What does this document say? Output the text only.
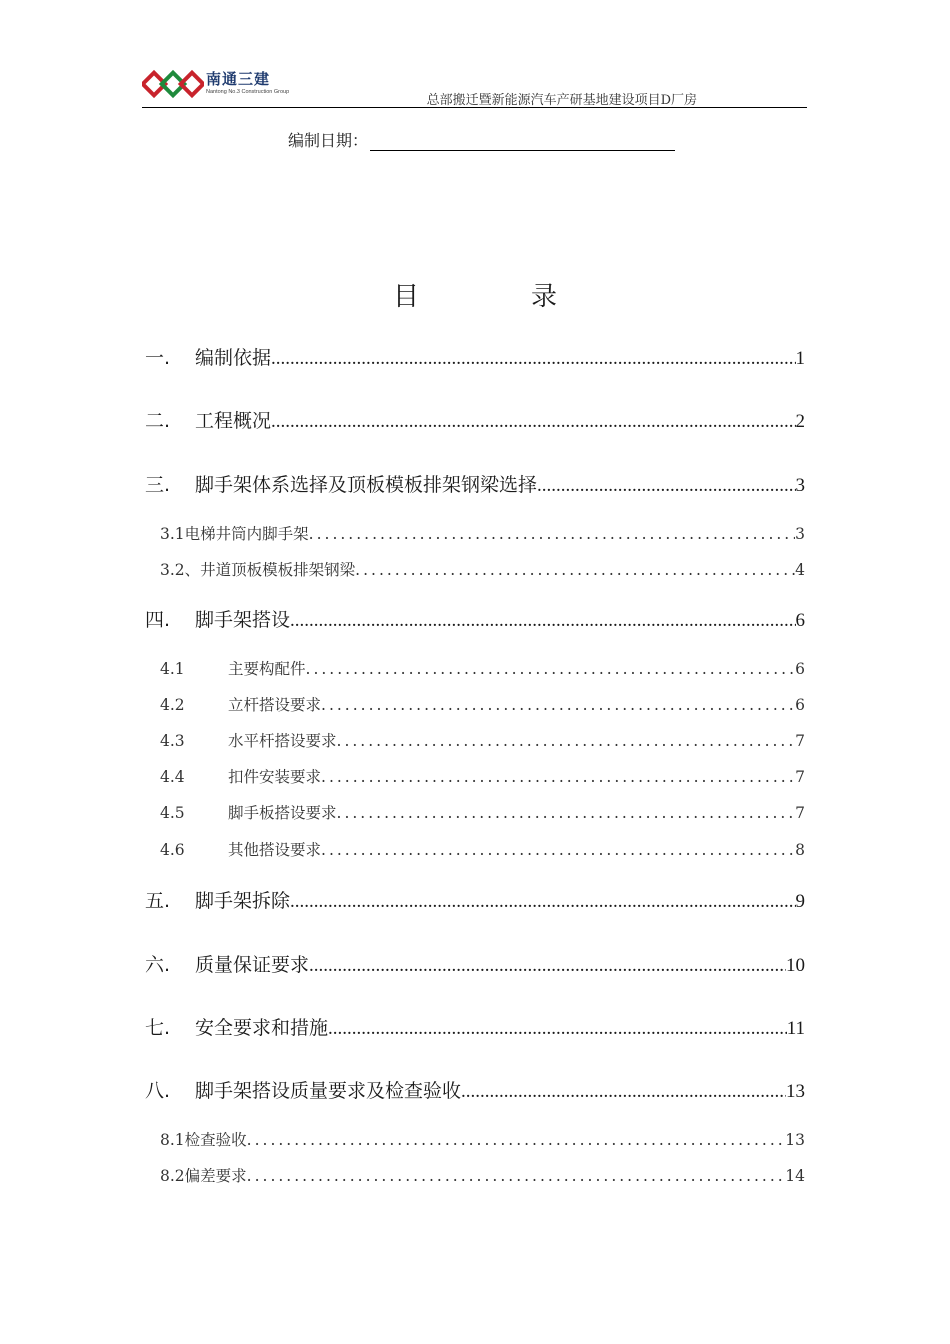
南通三建
Nantong No.3 Construction Group
总部搬迁暨新能源汽车产研基地建设项目D厂房
编制日期：
目	录
一.	编制依据 .....	1
二.	工程概况 .....	2
三.	脚手架体系选择及顶板模板排架钢梁选择 .....	3
3.1 电梯井筒内脚手架 .....	3
3.2、 井道顶板模板排架钢梁 .....	4
四.	脚手架搭设 .....	6
4.1	主要构配件 .....	6
4.2	立杆搭设要求 .....	6
4.3	水平杆搭设要求 .....	7
4.4	扣件安装要求 .....	7
4.5	脚手板搭设要求 .....	7
4.6	其他搭设要求 .....	8
五.	脚手架拆除 .....	9
六.	质量保证要求 .....	10
七.	安全要求和措施 .....	11
八.	脚手架搭设质量要求及检查验收 .....	13
8.1 检查验收 .....	13
8.2 偏差要求 .....	14
